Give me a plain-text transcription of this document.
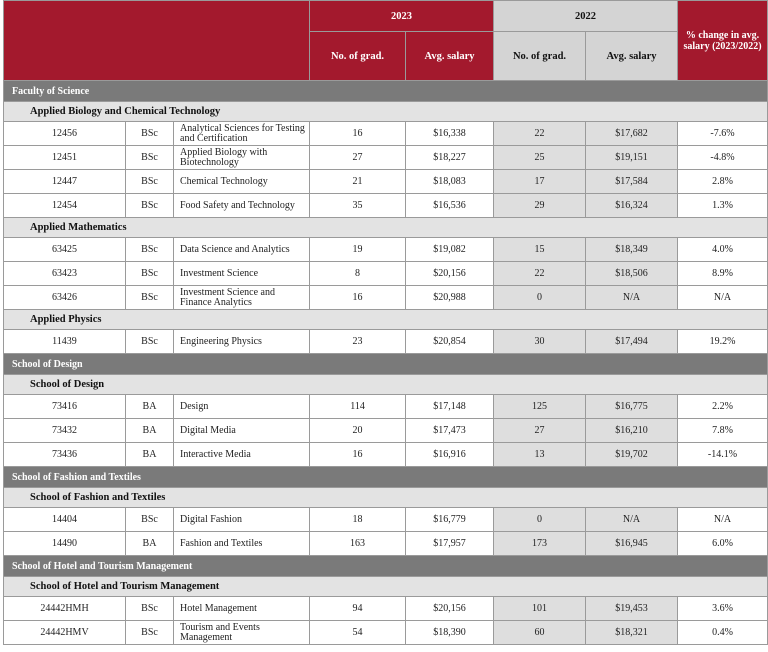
			2023		2022		% change in avg. salary (2023/2022)
			No. of grad.	Avg. salary	No. of grad.	Avg. salary	
Faculty of Science							
Applied Biology and Chemical Technology							
12456	BSc	Analytical Sciences for Testing and Certification	16	$16,338	22	$17,682	-7.6%
12451	BSc	Applied Biology with Biotechnology	27	$18,227	25	$19,151	-4.8%
12447	BSc	Chemical Technology	21	$18,083	17	$17,584	2.8%
12454	BSc	Food Safety and Technology	35	$16,536	29	$16,324	1.3%
Applied Mathematics							
63425	BSc	Data Science and Analytics	19	$19,082	15	$18,349	4.0%
63423	BSc	Investment Science	8	$20,156	22	$18,506	8.9%
63426	BSc	Investment Science and Finance Analytics	16	$20,988	0	N/A	N/A
Applied Physics							
11439	BSc	Engineering Physics	23	$20,854	30	$17,494	19.2%
School of Design							
School of Design							
73416	BA	Design	114	$17,148	125	$16,775	2.2%
73432	BA	Digital Media	20	$17,473	27	$16,210	7.8%
73436	BA	Interactive Media	16	$16,916	13	$19,702	-14.1%
School of Fashion and Textiles							
School of Fashion and Textiles							
14404	BSc	Digital Fashion	18	$16,779	0	N/A	N/A
14490	BA	Fashion and Textiles	163	$17,957	173	$16,945	6.0%
School of Hotel and Tourism Management							
School of Hotel and Tourism Management							
24442HMH	BSc	Hotel Management	94	$20,156	101	$19,453	3.6%
24442HMV	BSc	Tourism and Events Management	54	$18,390	60	$18,321	0.4%
